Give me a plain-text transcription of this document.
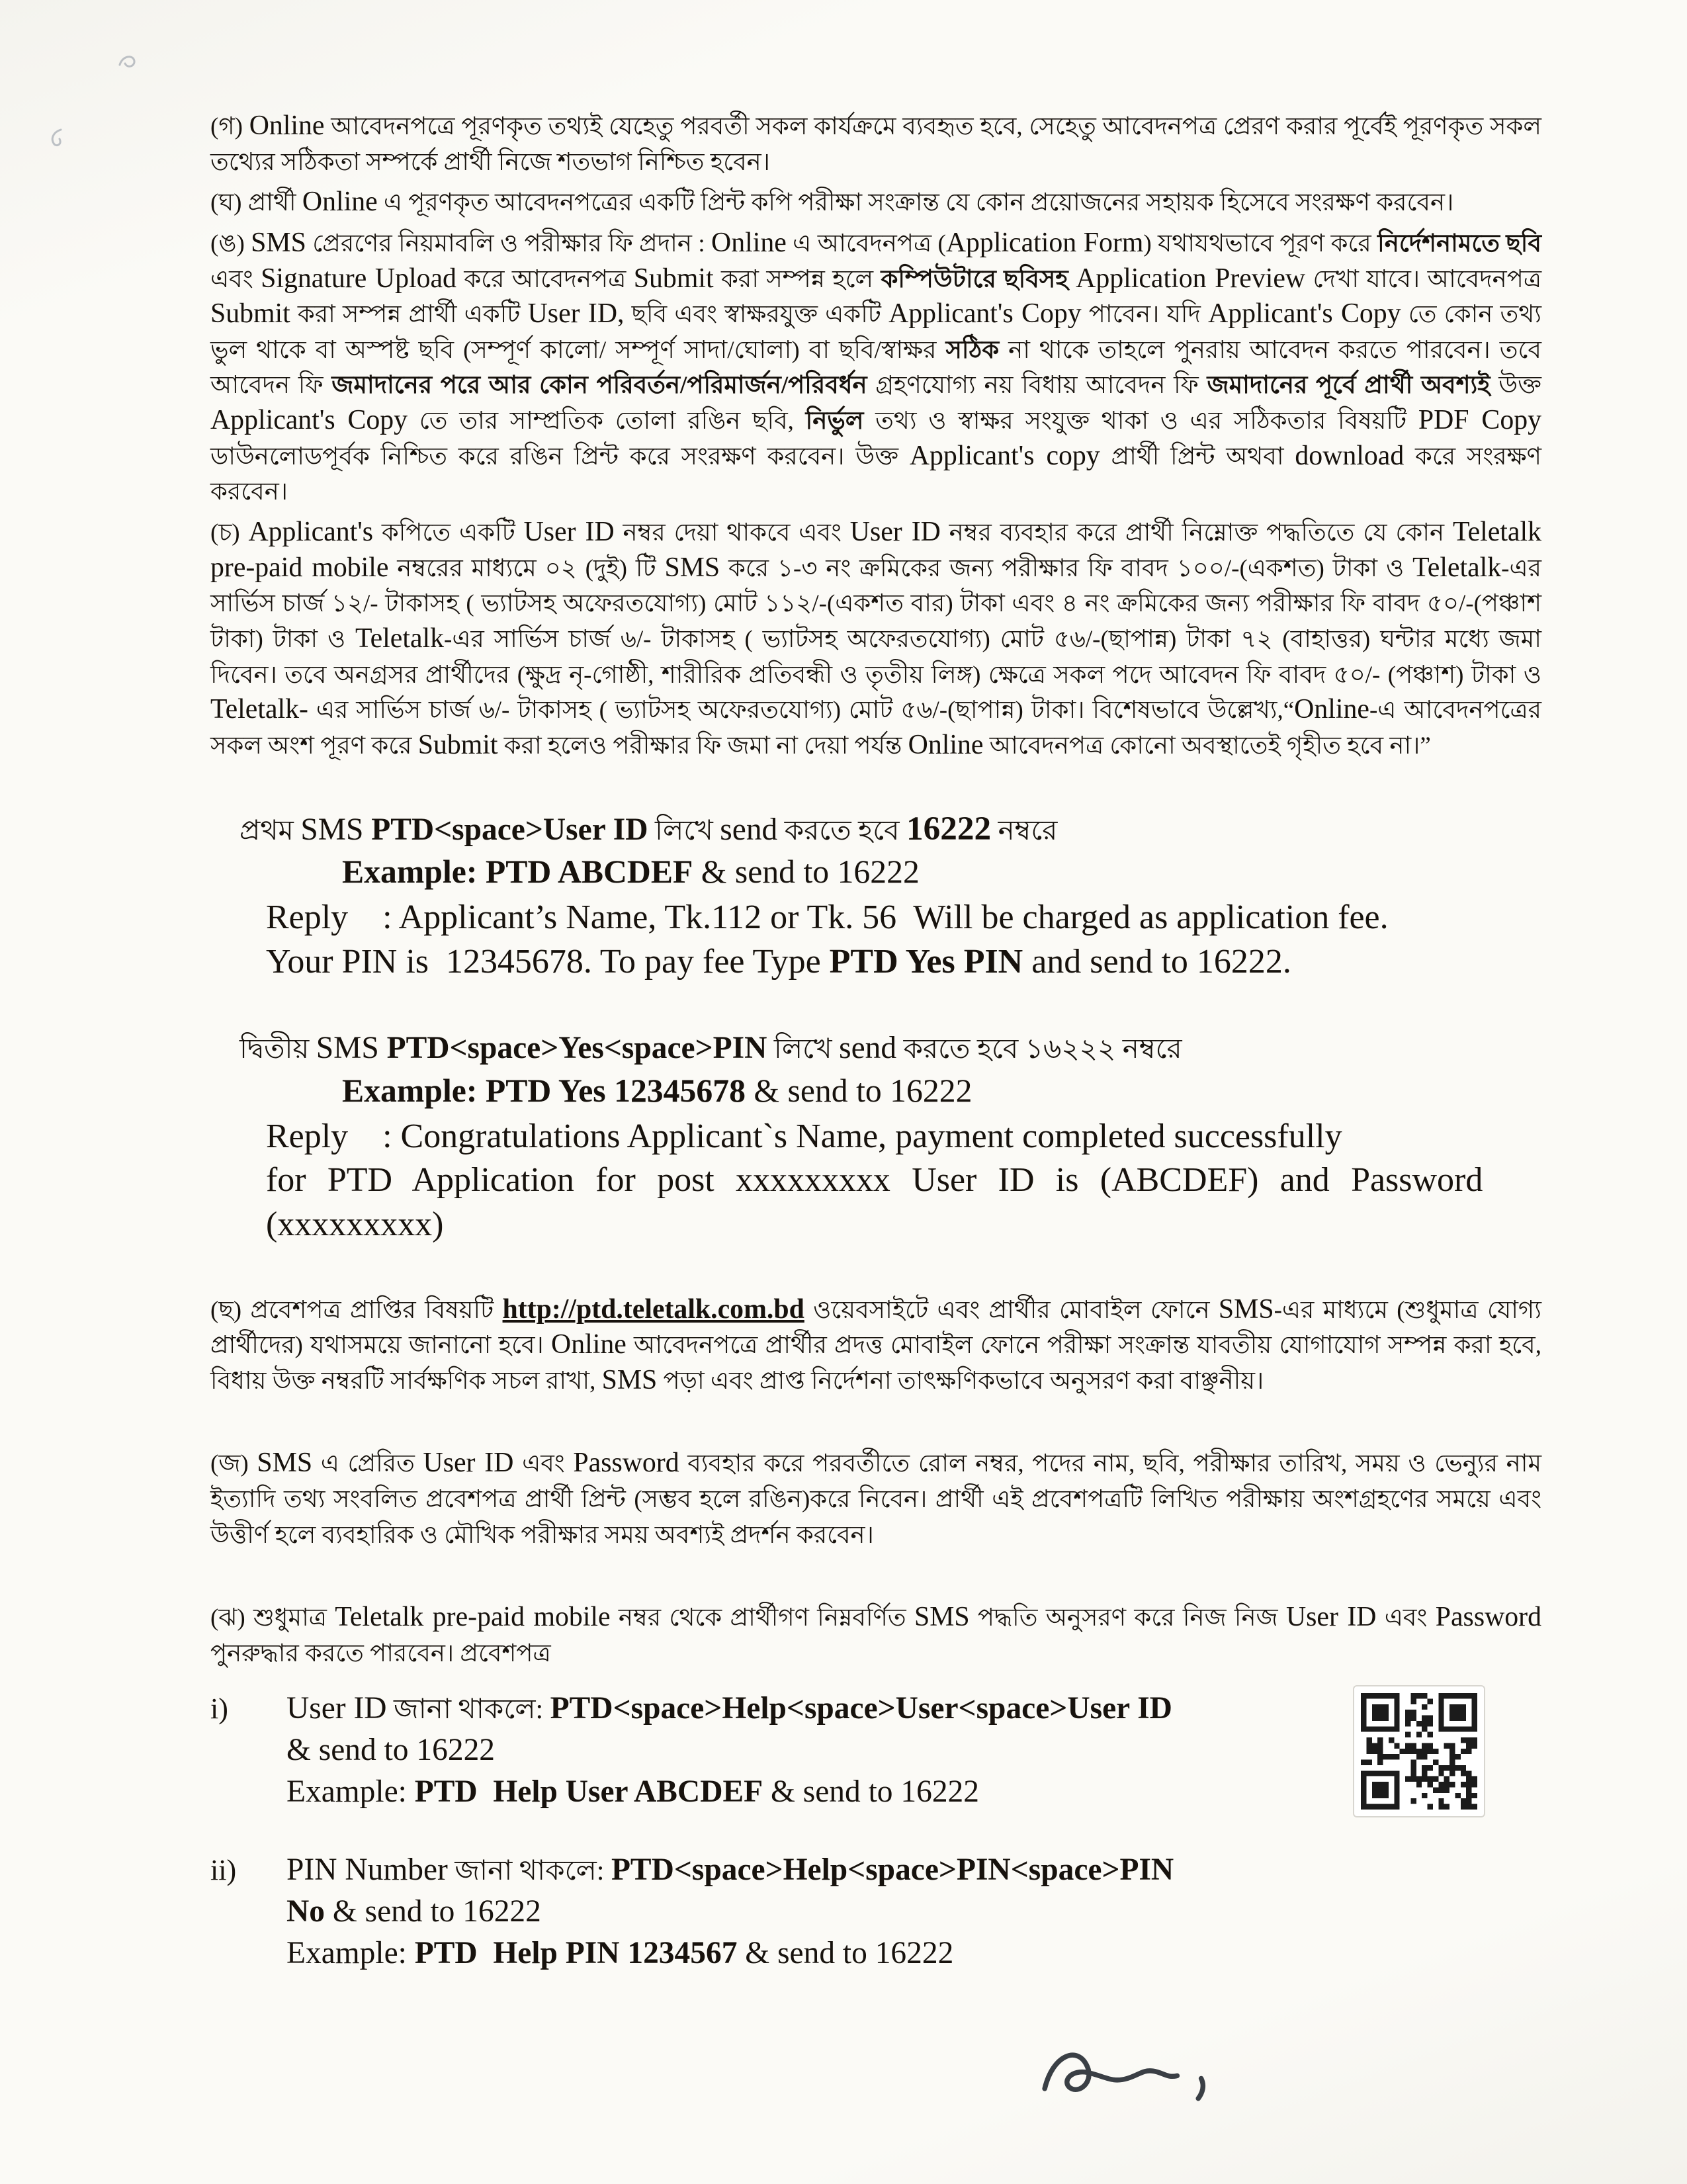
(গ) Online আবেদনপত্রে পূরণকৃত তথ্যই যেহেতু পরবর্তী সকল কার্যক্রমে ব্যবহৃত হবে, সেহেতু আবেদনপত্র প্রেরণ করার পূর্বেই পূরণকৃত সকল তথ্যের সঠিকতা সম্পর্কে প্রার্থী নিজে শতভাগ নিশ্চিত হবেন।

(ঘ) প্রার্থী Online এ পূরণকৃত আবেদনপত্রের একটি প্রিন্ট কপি পরীক্ষা সংক্রান্ত যে কোন প্রয়োজনের সহায়ক হিসেবে সংরক্ষণ করবেন।

(ঙ) SMS প্রেরণের নিয়মাবলি ও পরীক্ষার ফি প্রদান : Online এ আবেদনপত্র (Application Form) যথাযথভাবে পূরণ করে নির্দেশনামতে ছবি এবং Signature Upload করে আবেদনপত্র Submit করা সম্পন্ন হলে কম্পিউটারে ছবিসহ Application Preview দেখা যাবে। আবেদনপত্র Submit করা সম্পন্ন প্রার্থী একটি User ID, ছবি এবং স্বাক্ষরযুক্ত একটি Applicant's Copy পাবেন। যদি Applicant's Copy তে কোন তথ্য ভুল থাকে বা অস্পষ্ট ছবি (সম্পূর্ণ কালো/ সম্পূর্ণ সাদা/ঘোলা) বা ছবি/স্বাক্ষর সঠিক না থাকে তাহলে পুনরায় আবেদন করতে পারবেন। তবে আবেদন ফি জমাদানের পরে আর কোন পরিবর্তন/পরিমার্জন/পরিবর্ধন গ্রহণযোগ্য নয় বিধায় আবেদন ফি জমাদানের পূর্বে প্রার্থী অবশ্যই উক্ত Applicant's Copy তে তার সাম্প্রতিক তোলা রঙিন ছবি, নির্ভুল তথ্য ও স্বাক্ষর সংযুক্ত থাকা ও এর সঠিকতার বিষয়টি PDF Copy ডাউনলোডপূর্বক নিশ্চিত করে রঙিন প্রিন্ট করে সংরক্ষণ করবেন। উক্ত Applicant's copy প্রার্থী প্রিন্ট অথবা download করে সংরক্ষণ করবেন।

(চ) Applicant's কপিতে একটি User ID নম্বর দেয়া থাকবে এবং User ID নম্বর ব্যবহার করে প্রার্থী নিম্নোক্ত পদ্ধতিতে যে কোন Teletalk pre-paid mobile নম্বরের মাধ্যমে ০২ (দুই) টি SMS করে ১-৩ নং ক্রমিকের জন্য পরীক্ষার ফি বাবদ ১০০/-(একশত) টাকা ও Teletalk-এর সার্ভিস চার্জ ১২/- টাকাসহ ( ভ্যাটসহ অফেরতযোগ্য) মোট ১১২/-(একশত বার) টাকা এবং ৪ নং ক্রমিকের জন্য পরীক্ষার ফি বাবদ ৫০/-(পঞ্চাশ টাকা) টাকা ও Teletalk-এর সার্ভিস চার্জ ৬/- টাকাসহ ( ভ্যাটসহ অফেরতযোগ্য) মোট ৫৬/-(ছাপান্ন) টাকা ৭২ (বাহাত্তর) ঘন্টার মধ্যে জমা দিবেন। তবে অনগ্রসর প্রার্থীদের (ক্ষুদ্র নৃ-গোষ্ঠী, শারীরিক প্রতিবন্ধী ও তৃতীয় লিঙ্গ) ক্ষেত্রে সকল পদে আবেদন ফি বাবদ ৫০/- (পঞ্চাশ) টাকা ও Teletalk- এর সার্ভিস চার্জ ৬/- টাকাসহ ( ভ্যাটসহ অফেরতযোগ্য) মোট ৫৬/-(ছাপান্ন) টাকা। বিশেষভাবে উল্লেখ্য,“Online-এ আবেদনপত্রের সকল অংশ পূরণ করে Submit করা হলেও পরীক্ষার ফি জমা না দেয়া পর্যন্ত Online আবেদনপত্র কোনো অবস্থাতেই গৃহীত হবে না।”

প্রথম SMS PTD<space>User ID লিখে send করতে হবে 16222 নম্বরে
Example: PTD ABCDEF & send to 16222
Reply    : Applicant’s Name, Tk.112 or Tk. 56  Will be charged as application fee.
Your PIN is  12345678. To pay fee Type PTD Yes PIN and send to 16222.
দ্বিতীয় SMS PTD<space>Yes<space>PIN লিখে send করতে হবে ১৬২২২ নম্বরে
Example: PTD Yes 12345678 & send to 16222
Reply    : Congratulations Applicant`s Name, payment completed successfully
for PTD Application for post xxxxxxxxx User ID is (ABCDEF) and Password
(xxxxxxxxx)

(ছ) প্রবেশপত্র প্রাপ্তির বিষয়টি http://ptd.teletalk.com.bd ওয়েবসাইটে এবং প্রার্থীর মোবাইল ফোনে SMS-এর মাধ্যমে (শুধুমাত্র যোগ্য প্রার্থীদের) যথাসময়ে জানানো হবে। Online আবেদনপত্রে প্রার্থীর প্রদত্ত মোবাইল ফোনে পরীক্ষা সংক্রান্ত যাবতীয় যোগাযোগ সম্পন্ন করা হবে, বিধায় উক্ত নম্বরটি সার্বক্ষণিক সচল রাখা, SMS পড়া এবং প্রাপ্ত নির্দেশনা তাৎক্ষণিকভাবে অনুসরণ করা বাঞ্ছনীয়।

(জ) SMS এ প্রেরিত User ID এবং Password ব্যবহার করে পরবর্তীতে রোল নম্বর, পদের নাম, ছবি, পরীক্ষার তারিখ, সময় ও ভেন্যুর নাম ইত্যাদি তথ্য সংবলিত প্রবেশপত্র প্রার্থী প্রিন্ট (সম্ভব হলে রঙিন)করে নিবেন। প্রার্থী এই প্রবেশপত্রটি লিখিত পরীক্ষায় অংশগ্রহণের সময়ে এবং উত্তীর্ণ হলে ব্যবহারিক ও মৌখিক পরীক্ষার সময় অবশ্যই প্রদর্শন করবেন।

(ঝ) শুধুমাত্র Teletalk pre-paid mobile নম্বর থেকে প্রার্থীগণ নিম্নবর্ণিত SMS পদ্ধতি অনুসরণ করে নিজ নিজ User ID এবং Password পুনরুদ্ধার করতে পারবেন। প্রবেশপত্র

i)	User ID জানা থাকলে: PTD<space>Help<space>User<space>User ID
& send to 16222
Example: PTD  Help User ABCDEF & send to 16222
ii)	PIN Number জানা থাকলে: PTD<space>Help<space>PIN<space>PIN
No & send to 16222
Example: PTD  Help PIN 1234567 & send to 16222
